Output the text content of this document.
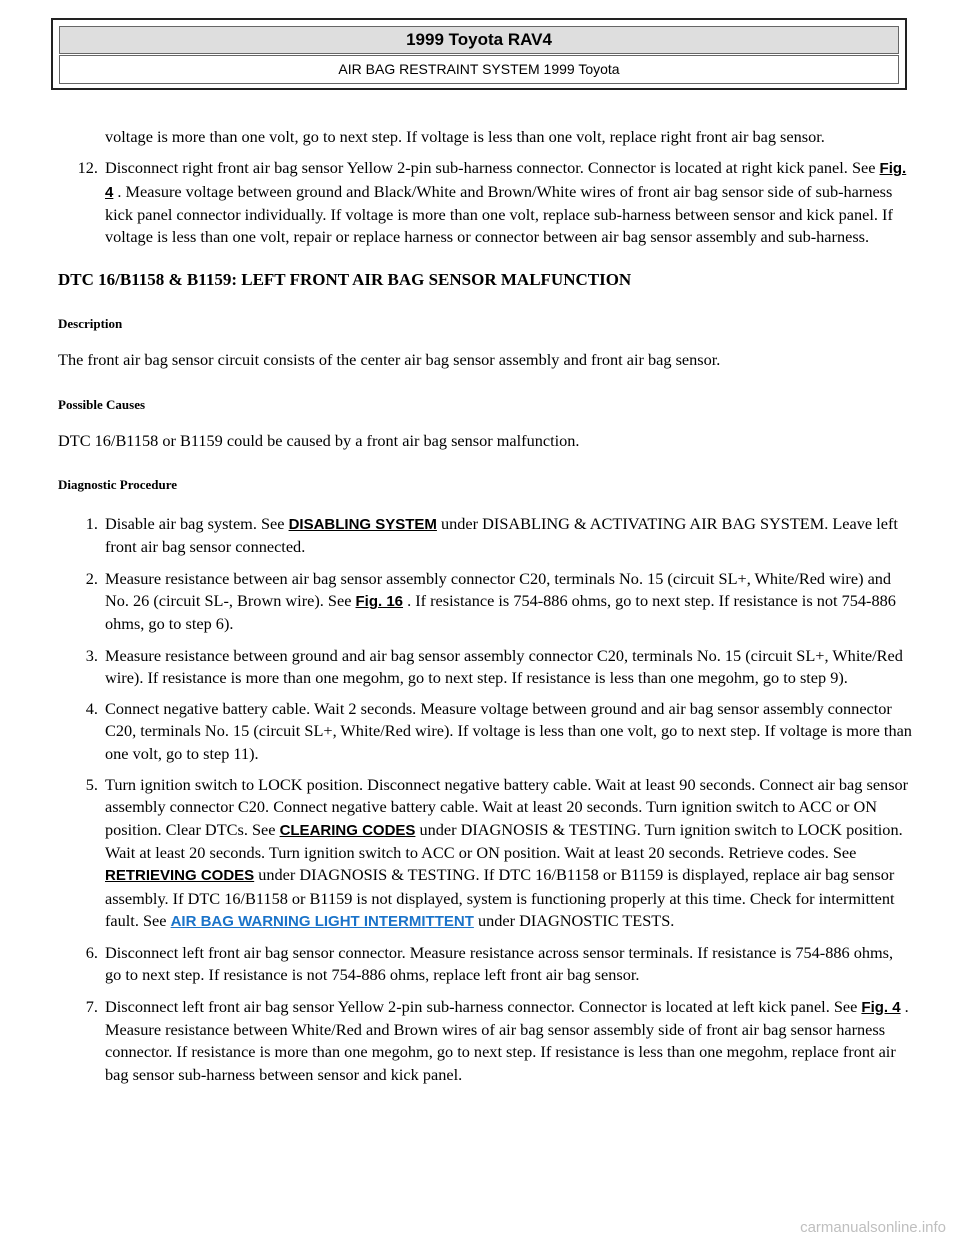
1999 Toyota RAV4
AIR BAG RESTRAINT SYSTEM 1999 Toyota

voltage is more than one volt, go to next step. If voltage is less than one volt, replace right front air bag sensor.

12. Disconnect right front air bag sensor Yellow 2-pin sub-harness connector. Connector is located at right kick panel. See Fig. 4 . Measure voltage between ground and Black/White and Brown/White wires of front air bag sensor side of sub-harness kick panel connector individually. If voltage is more than one volt, replace sub-harness between sensor and kick panel. If voltage is less than one volt, repair or replace harness or connector between air bag sensor assembly and sub-harness.
DTC 16/B1158 & B1159: LEFT FRONT AIR BAG SENSOR MALFUNCTION
Description

The front air bag sensor circuit consists of the center air bag sensor assembly and front air bag sensor.

Possible Causes

DTC 16/B1158 or B1159 could be caused by a front air bag sensor malfunction.

Diagnostic Procedure
1. Disable air bag system. See DISABLING SYSTEM under DISABLING & ACTIVATING AIR BAG SYSTEM. Leave left front air bag sensor connected.
2. Measure resistance between air bag sensor assembly connector C20, terminals No. 15 (circuit SL+, White/Red wire) and No. 26 (circuit SL-, Brown wire). See Fig. 16 . If resistance is 754-886 ohms, go to next step. If resistance is not 754-886 ohms, go to step 6).
3. Measure resistance between ground and air bag sensor assembly connector C20, terminals No. 15 (circuit SL+, White/Red wire). If resistance is more than one megohm, go to next step. If resistance is less than one megohm, go to step 9).
4. Connect negative battery cable. Wait 2 seconds. Measure voltage between ground and air bag sensor assembly connector C20, terminals No. 15 (circuit SL+, White/Red wire). If voltage is less than one volt, go to next step. If voltage is more than one volt, go to step 11).
5. Turn ignition switch to LOCK position. Disconnect negative battery cable. Wait at least 90 seconds. Connect air bag sensor assembly connector C20. Connect negative battery cable. Wait at least 20 seconds. Turn ignition switch to ACC or ON position. Clear DTCs. See CLEARING CODES under DIAGNOSIS & TESTING. Turn ignition switch to LOCK position. Wait at least 20 seconds. Turn ignition switch to ACC or ON position. Wait at least 20 seconds. Retrieve codes. See RETRIEVING CODES under DIAGNOSIS & TESTING. If DTC 16/B1158 or B1159 is displayed, replace air bag sensor assembly. If DTC 16/B1158 or B1159 is not displayed, system is functioning properly at this time. Check for intermittent fault. See AIR BAG WARNING LIGHT INTERMITTENT under DIAGNOSTIC TESTS.
6. Disconnect left front air bag sensor connector. Measure resistance across sensor terminals. If resistance is 754-886 ohms, go to next step. If resistance is not 754-886 ohms, replace left front air bag sensor.
7. Disconnect left front air bag sensor Yellow 2-pin sub-harness connector. Connector is located at left kick panel. See Fig. 4 . Measure resistance between White/Red and Brown wires of air bag sensor assembly side of front air bag sensor harness connector. If resistance is more than one megohm, go to next step. If resistance is less than one megohm, replace front air bag sensor sub-harness between sensor and kick panel.
carmanualsonline.info
